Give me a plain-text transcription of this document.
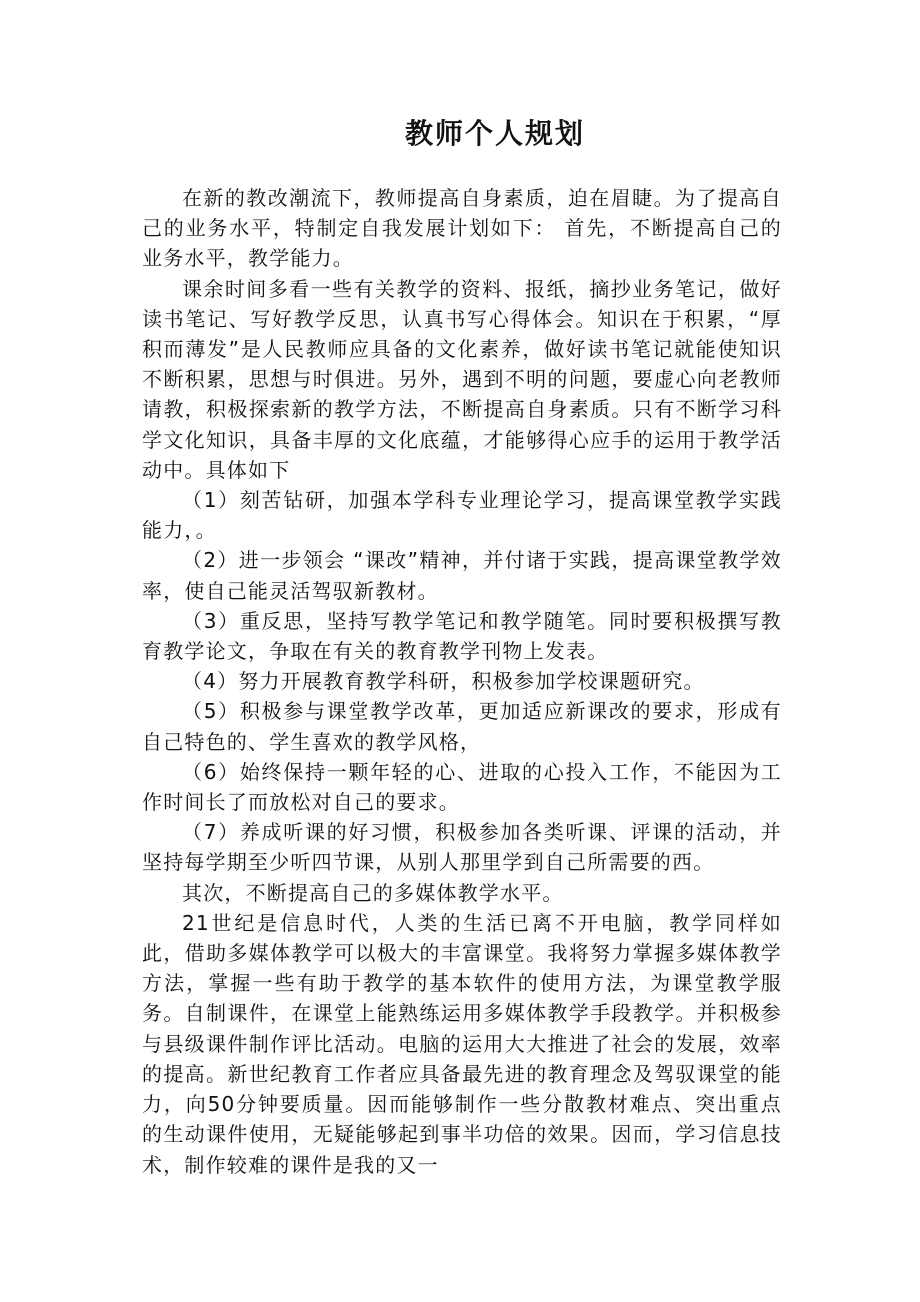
教师个人规划

在新的教改潮流下，教师提高自身素质，迫在眉睫。为了提高自己的业务水平，特制定自我发展计划如下： 首先，不断提高自己的业务水平，教学能力。

课余时间多看一些有关教学的资料、报纸，摘抄业务笔记，做好读书笔记、写好教学反思，认真书写心得体会。知识在于积累，“厚积而薄发”是人民教师应具备的文化素养，做好读书笔记就能使知识不断积累，思想与时俱进。另外，遇到不明的问题，要虚心向老教师请教，积极探索新的教学方法，不断提高自身素质。只有不断学习科学文化知识，具备丰厚的文化底蕴，才能够得心应手的运用于教学活动中。具体如下

（1）刻苦钻研，加强本学科专业理论学习，提高课堂教学实践能力，。

（2）进一步领会 “课改”精神，并付诸于实践，提高课堂教学效率，使自己能灵活驾驭新教材。

（3）重反思，坚持写教学笔记和教学随笔。同时要积极撰写教育教学论文，争取在有关的教育教学刊物上发表。

（4）努力开展教育教学科研，积极参加学校课题研究。

（5）积极参与课堂教学改革，更加适应新课改的要求，形成有自己特色的、学生喜欢的教学风格，

（6）始终保持一颗年轻的心、进取的心投入工作，不能因为工作时间长了而放松对自己的要求。

（7）养成听课的好习惯，积极参加各类听课、评课的活动，并坚持每学期至少听四节课，从别人那里学到自己所需要的西。

其次，不断提高自己的多媒体教学水平。

21世纪是信息时代，人类的生活已离不开电脑，教学同样如此，借助多媒体教学可以极大的丰富课堂。我将努力掌握多媒体教学方法，掌握一些有助于教学的基本软件的使用方法，为课堂教学服务。自制课件，在课堂上能熟练运用多媒体教学手段教学。并积极参与县级课件制作评比活动。电脑的运用大大推进了社会的发展，效率的提高。新世纪教育工作者应具备最先进的教育理念及驾驭课堂的能力，向50分钟要质量。因而能够制作一些分散教材难点、突出重点的生动课件使用，无疑能够起到事半功倍的效果。因而，学习信息技术，制作较难的课件是我的又一
